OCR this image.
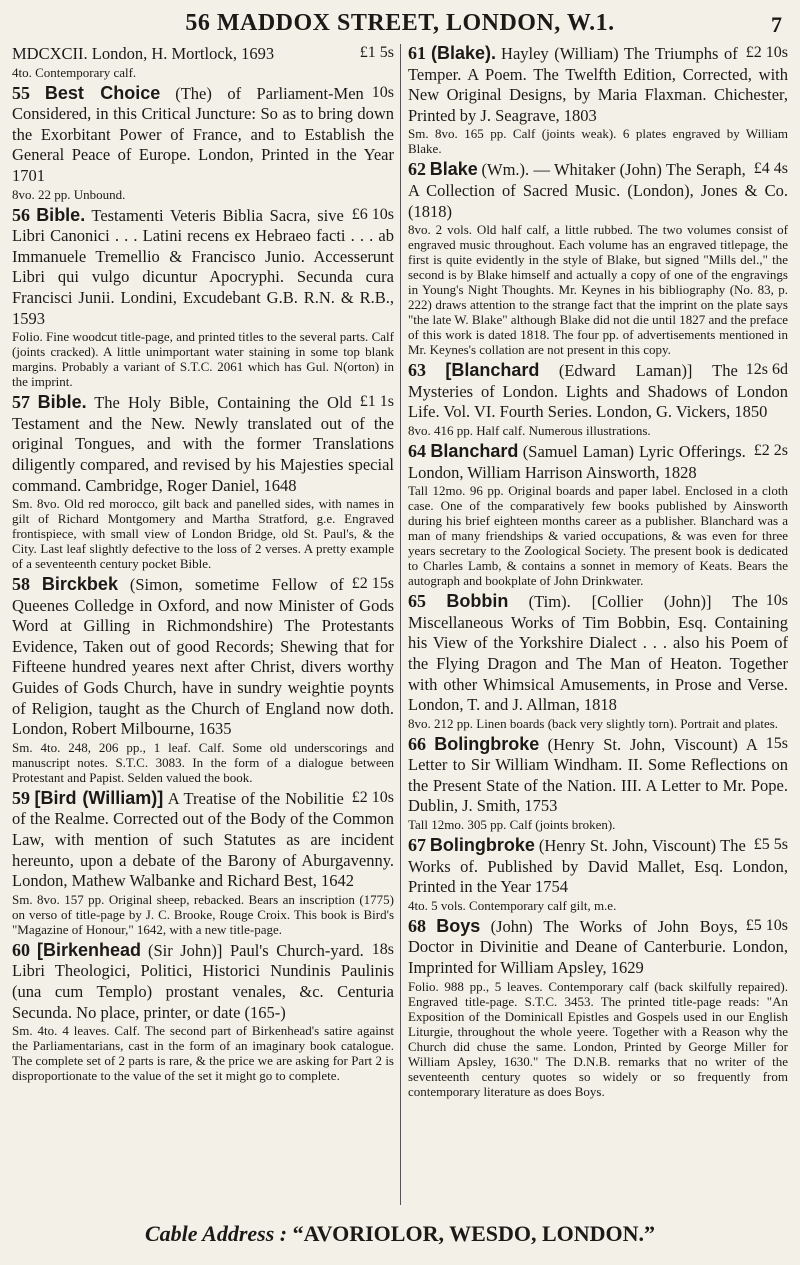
56 MADDOX STREET, LONDON, W.1.	7
MDCXCII. London, H. Mortlock, 1693	£1 5s
4to. Contemporary calf.
55 Best Choice	10s
(The) of Parliament-Men Considered, in this Critical Juncture: So as to bring down the Exorbitant Power of France, and to Establish the General Peace of Europe. London, Printed in the Year 1701
8vo. 22 pp. Unbound.
56 Bible.	£6 10s
Testamenti Veteris Biblia Sacra, sive Libri Canonici . . . Latini recens ex Hebraeo facti . . . ab Immanuele Tremellio & Francisco Junio. Accesserunt Libri qui vulgo dicuntur Apocryphi. Secunda cura Francisci Junii. Londini, Excudebant G.B. R.N. & R.B., 1593
Folio. Fine woodcut title-page, and printed titles to the several parts. Calf (joints cracked). A little unimportant water staining in some top blank margins. Probably a variant of S.T.C. 2061 which has Gul. N(orton) in the imprint.
57 Bible.	£1 1s
The Holy Bible, Containing the Old Testament and the New. Newly translated out of the original Tongues, and with the former Translations diligently compared, and revised by his Majesties special command. Cambridge, Roger Daniel, 1648
Sm. 8vo. Old red morocco, gilt back and panelled sides, with names in gilt of Richard Montgomery and Martha Stratford, g.e. Engraved frontispiece, with small view of London Bridge, old St. Paul's, & the City. Last leaf slightly defective to the loss of 2 verses. A pretty example of a seventeenth century pocket Bible.
58 Birckbek	£2 15s
(Simon, sometime Fellow of Queenes Colledge in Oxford, and now Minister of Gods Word at Gilling in Richmondshire) The Protestants Evidence, Taken out of good Records; Shewing that for Fifteene hundred yeares next after Christ, divers worthy Guides of Gods Church, have in sundry weightie poynts of Religion, taught as the Church of England now doth. London, Robert Milbourne, 1635
Sm. 4to. 248, 206 pp., 1 leaf. Calf. Some old underscorings and manuscript notes. S.T.C. 3083. In the form of a dialogue between Protestant and Papist. Selden valued the book.
59 [Bird (William)]	£2 10s
A Treatise of the Nobilitie of the Realme. Corrected out of the Body of the Common Law, with mention of such Statutes as are incident hereunto, upon a debate of the Barony of Aburgavenny. London, Mathew Walbanke and Richard Best, 1642
Sm. 8vo. 157 pp. Original sheep, rebacked. Bears an inscription (1775) on verso of title-page by J. C. Brooke, Rouge Croix. This book is Bird's "Magazine of Honour," 1642, with a new title-page.
60 [Birkenhead	18s
(Sir John)] Paul's Church-yard. Libri Theologici, Politici, Historici Nundinis Paulinis (una cum Templo) prostant venales, &c. Centuria Secunda. No place, printer, or date (165-)
Sm. 4to. 4 leaves. Calf. The second part of Birkenhead's satire against the Parliamentarians, cast in the form of an imaginary book catalogue. The complete set of 2 parts is rare, & the price we are asking for Part 2 is disproportionate to the value of the set it might go to complete.
61 (Blake).	£2 10s
Hayley (William) The Triumphs of Temper. A Poem. The Twelfth Edition, Corrected, with New Original Designs, by Maria Flaxman. Chichester, Printed by J. Seagrave, 1803
Sm. 8vo. 165 pp. Calf (joints weak). 6 plates engraved by William Blake.
62 Blake	£4 4s
(Wm.). — Whitaker (John) The Seraph, A Collection of Sacred Music. (London), Jones & Co. (1818)
8vo. 2 vols. Old half calf, a little rubbed. The two volumes consist of engraved music throughout. Each volume has an engraved titlepage, the first is quite evidently in the style of Blake, but signed "Mills del.," the second is by Blake himself and actually a copy of one of the engravings in Young's Night Thoughts. Mr. Keynes in his bibliography (No. 83, p. 222) draws attention to the strange fact that the imprint on the plate says "the late W. Blake" although Blake did not die until 1827 and the preface of this work is dated 1818. The four pp. of advertisements mentioned in Mr. Keynes's collation are not present in this copy.
63 [Blanchard	12s 6d
(Edward Laman)] The Mysteries of London. Lights and Shadows of London Life. Vol. VI. Fourth Series. London, G. Vickers, 1850
8vo. 416 pp. Half calf. Numerous illustrations.
64 Blanchard	£2 2s
(Samuel Laman) Lyric Offerings. London, William Harrison Ainsworth, 1828
Tall 12mo. 96 pp. Original boards and paper label. Enclosed in a cloth case. One of the comparatively few books published by Ainsworth during his brief eighteen months career as a publisher. Blanchard was a man of many friendships & varied occupations, & was even for three years secretary to the Zoological Society. The present book is dedicated to Charles Lamb, & contains a sonnet in memory of Keats. Bears the autograph and bookplate of John Drinkwater.
65 Bobbin	10s
(Tim). [Collier (John)] The Miscellaneous Works of Tim Bobbin, Esq. Containing his View of the Yorkshire Dialect . . . also his Poem of the Flying Dragon and The Man of Heaton. Together with other Whimsical Amusements, in Prose and Verse. London, T. and J. Allman, 1818
8vo. 212 pp. Linen boards (back very slightly torn). Portrait and plates.
66 Bolingbroke	15s
(Henry St. John, Viscount) A Letter to Sir William Windham. II. Some Reflections on the Present State of the Nation. III. A Letter to Mr. Pope. Dublin, J. Smith, 1753
Tall 12mo. 305 pp. Calf (joints broken).
67 Bolingbroke	£5 5s
(Henry St. John, Viscount) The Works of. Published by David Mallet, Esq. London, Printed in the Year 1754
4to. 5 vols. Contemporary calf gilt, m.e.
68 Boys	£5 10s
(John) The Works of John Boys, Doctor in Divinitie and Deane of Canterburie. London, Imprinted for William Apsley, 1629
Folio. 988 pp., 5 leaves. Contemporary calf (back skilfully repaired). Engraved title-page. S.T.C. 3453. The printed title-page reads: "An Exposition of the Dominicall Epistles and Gospels used in our English Liturgie, throughout the whole yeere. Together with a Reason why the Church did chuse the same. London, Printed by George Miller for William Apsley, 1630." The D.N.B. remarks that no writer of the seventeenth century quotes so widely or so frequently from contemporary literature as does Boys.
Cable Address : “AVORIOLOR, WESDO, LONDON.”
